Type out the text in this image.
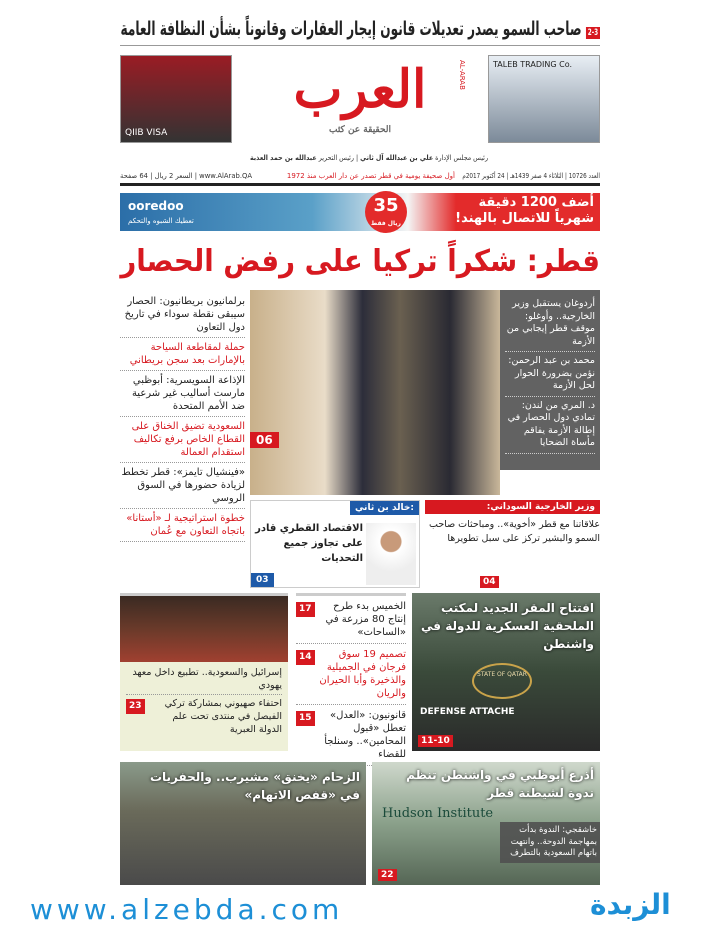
2-3 صاحب السمو يصدر تعديلات قانون إيجار العقارات وقانوناً بشأن النظافة العامة
QIIB VISA
TALEB TRADING Co.
العرب
الحقيقة عن كثب
AL-ARAB
رئيس مجلس الإدارة علي بن عبدالله آل ثاني | رئيس التحرير عبدالله بن حمد العذبة
العدد 10726 | الثلاثاء 4 صفر 1439هـ | 24 أكتوبر 2017م
أول صحيفة يومية في قطر تصدر عن دار العرب منذ 1972
www.AlArab.QA | السعر 2 ريال | 64 صفحة
أضف 1200 دقيقة شهرياً للاتصال بالهند!
35
ريال فقط
ooredoo
تعطيك الشبوه والتحكم
قطر: شكراً تركيا على رفض الحصار
برلمانيون بريطانيون: الحصار سيبقى نقطة سوداء في تاريخ دول التعاون
حملة لمقاطعة السياحة بالإمارات بعد سجن بريطاني
الإذاعة السويسرية: أبوظبي مارست أساليب غير شرعية ضد الأمم المتحدة
السعودية تضيق الخناق على القطاع الخاص برفع تكاليف استقدام العمالة
«فينشيال تايمز»: قطر تخطط لزيادة حضورها في السوق الروسي
خطوة استراتيجية لـ «أستانا» باتجاه التعاون مع عُمان
06
أردوغان يستقبل وزير الخارجية.. وأوغلو: موقف قطر إيجابي من الأزمة
محمد بن عبد الرحمن: نؤمن بضرورة الحوار لحل الأزمة
د. المري من لندن: تمادي دول الحصار في إطالة الأزمة يفاقم مأساة الضحايا
خالد بن ثاني:
الاقتصاد القطري قادر على تجاوز جميع التحديات
03
وزير الخارجية السوداني:
علاقاتنا مع قطر «أخوية».. ومباحثات صاحب السمو والبشير تركز على سبل تطويرها
04
إسرائيل والسعودية.. تطبيع داخل معهد يهودي
23	احتفاء صهيوني بمشاركة تركي الفيصل في منتدى تحت علم الدولة العبرية
17	الخميس بدء طرح إنتاج 80 مزرعة في «الساحات»
14	تصميم 19 سوق فرجان في الجميلية والذخيرة وأبا الحيران والريان
15	قانونيون: «العدل» تعطل «قبول المحامين».. وسنلجأ للقضاء
افتتاح المقر الجديد لمكتب الملحقية العسكرية للدولة في واشنطن
STATE OF QATAR
DEFENSE ATTACHE
11-10
الزحام «يخنق» مشيرب.. والحفريات في «قفص الاتهام»
أذرع أبوظبي في واشنطن تنظم ندوة لشيطنة قطر
Hudson Institute
خاشقجي: الندوة بدأت بمهاجمة الدوحة.. وانتهت باتهام السعودية بالتطرف
22
www.alzebda.com	الزبدة
